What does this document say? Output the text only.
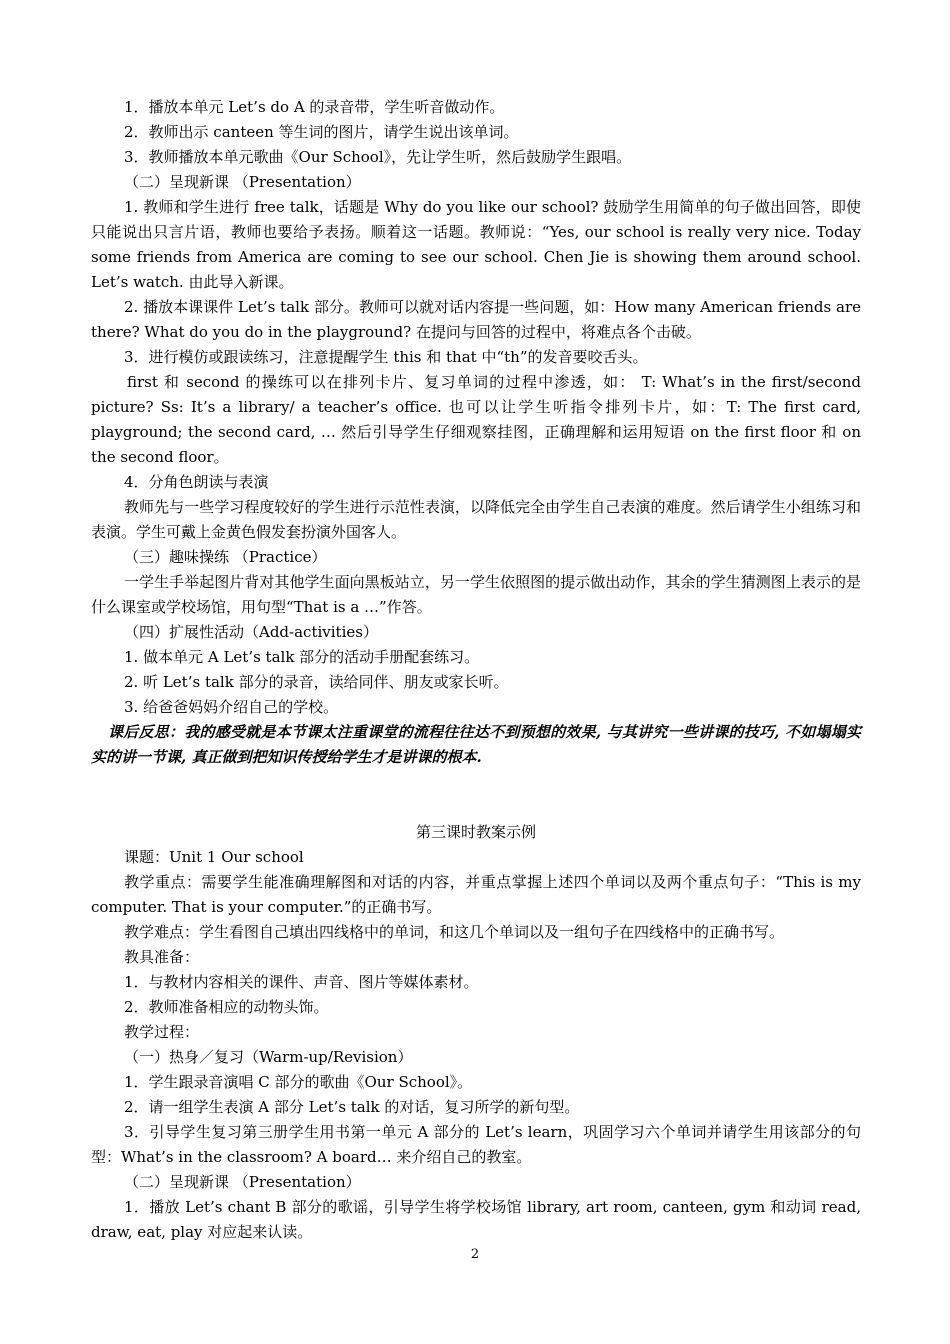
1．播放本单元 Let’s do A 的录音带，学生听音做动作。

2．教师出示 canteen 等生词的图片，请学生说出该单词。

3．教师播放本单元歌曲《Our School》，先让学生听，然后鼓励学生跟唱。

（二）呈现新课 （Presentation）

1. 教师和学生进行 free talk，话题是 Why do you like our school? 鼓励学生用简单的句子做出回答，即使只能说出只言片语，教师也要给予表扬。顺着这一话题。教师说：“Yes, our school is really very nice. Today some friends from America are coming to see our school. Chen Jie is showing them around school. Let’s watch. 由此导入新课。

2. 播放本课课件 Let’s talk 部分。教师可以就对话内容提一些问题，如：How many American friends are there? What do you do in the playground? 在提问与回答的过程中，将难点各个击破。

3．进行模仿或跟读练习，注意提醒学生 this 和 that 中“th”的发音要咬舌头。

first 和 second 的操练可以在排列卡片、复习单词的过程中渗透，如： T: What’s in the first/second picture? Ss: It’s a library/ a teacher’s office. 也可以让学生听指令排列卡片，如：T: The first card, playground; the second card, … 然后引导学生仔细观察挂图，正确理解和运用短语 on the first floor 和 on the second floor。

4．分角色朗读与表演

教师先与一些学习程度较好的学生进行示范性表演，以降低完全由学生自己表演的难度。然后请学生小组练习和表演。学生可戴上金黄色假发套扮演外国客人。

（三）趣味操练 （Practice）

一学生手举起图片背对其他学生面向黑板站立，另一学生依照图的提示做出动作，其余的学生猜测图上表示的是什么课室或学校场馆，用句型“That is a …”作答。

（四）扩展性活动（Add-activities）

1. 做本单元 A Let’s talk 部分的活动手册配套练习。

2. 听 Let’s talk 部分的录音，读给同伴、朋友或家长听。

3. 给爸爸妈妈介绍自己的学校。

课后反思：我的感受就是本节课太注重课堂的流程往往达不到预想的效果, 与其讲究一些讲课的技巧, 不如塌塌实实的讲一节课, 真正做到把知识传授给学生才是讲课的根本.

第三课时教案示例

课题：Unit 1 Our school

教学重点：需要学生能准确理解图和对话的内容，并重点掌握上述四个单词以及两个重点句子：“This is my computer. That is your computer.”的正确书写。

教学难点：学生看图自己填出四线格中的单词，和这几个单词以及一组句子在四线格中的正确书写。

教具准备：

1．与教材内容相关的课件、声音、图片等媒体素材。

2．教师准备相应的动物头饰。

教学过程：

（一）热身／复习（Warm-up/Revision）

1．学生跟录音演唱 C 部分的歌曲《Our School》。

2．请一组学生表演 A 部分 Let’s talk 的对话，复习所学的新句型。

3．引导学生复习第三册学生用书第一单元 A 部分的 Let’s learn，巩固学习六个单词并请学生用该部分的句型：What’s in the classroom? A board… 来介绍自己的教室。

（二）呈现新课 （Presentation）

1．播放 Let’s chant B 部分的歌谣，引导学生将学校场馆 library, art room, canteen, gym 和动词 read, draw, eat, play 对应起来认读。

2
